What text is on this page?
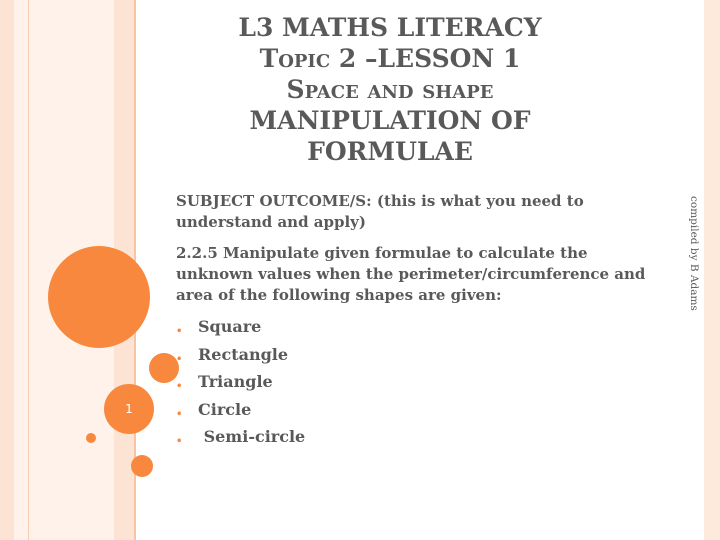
1
L3 MATHS LITERACY
Topic 2 –LESSON 1
Space and shape
MANIPULATION OF
FORMULAE

SUBJECT OUTCOME/S: (this is what you need to understand and apply)

2.2.5 Manipulate given formulae to calculate the unknown values when the perimeter/circumference and area of the following shapes are given:

• Square
• Rectangle
• Triangle
• Circle
• Semi-circle
compiled by B Adams
